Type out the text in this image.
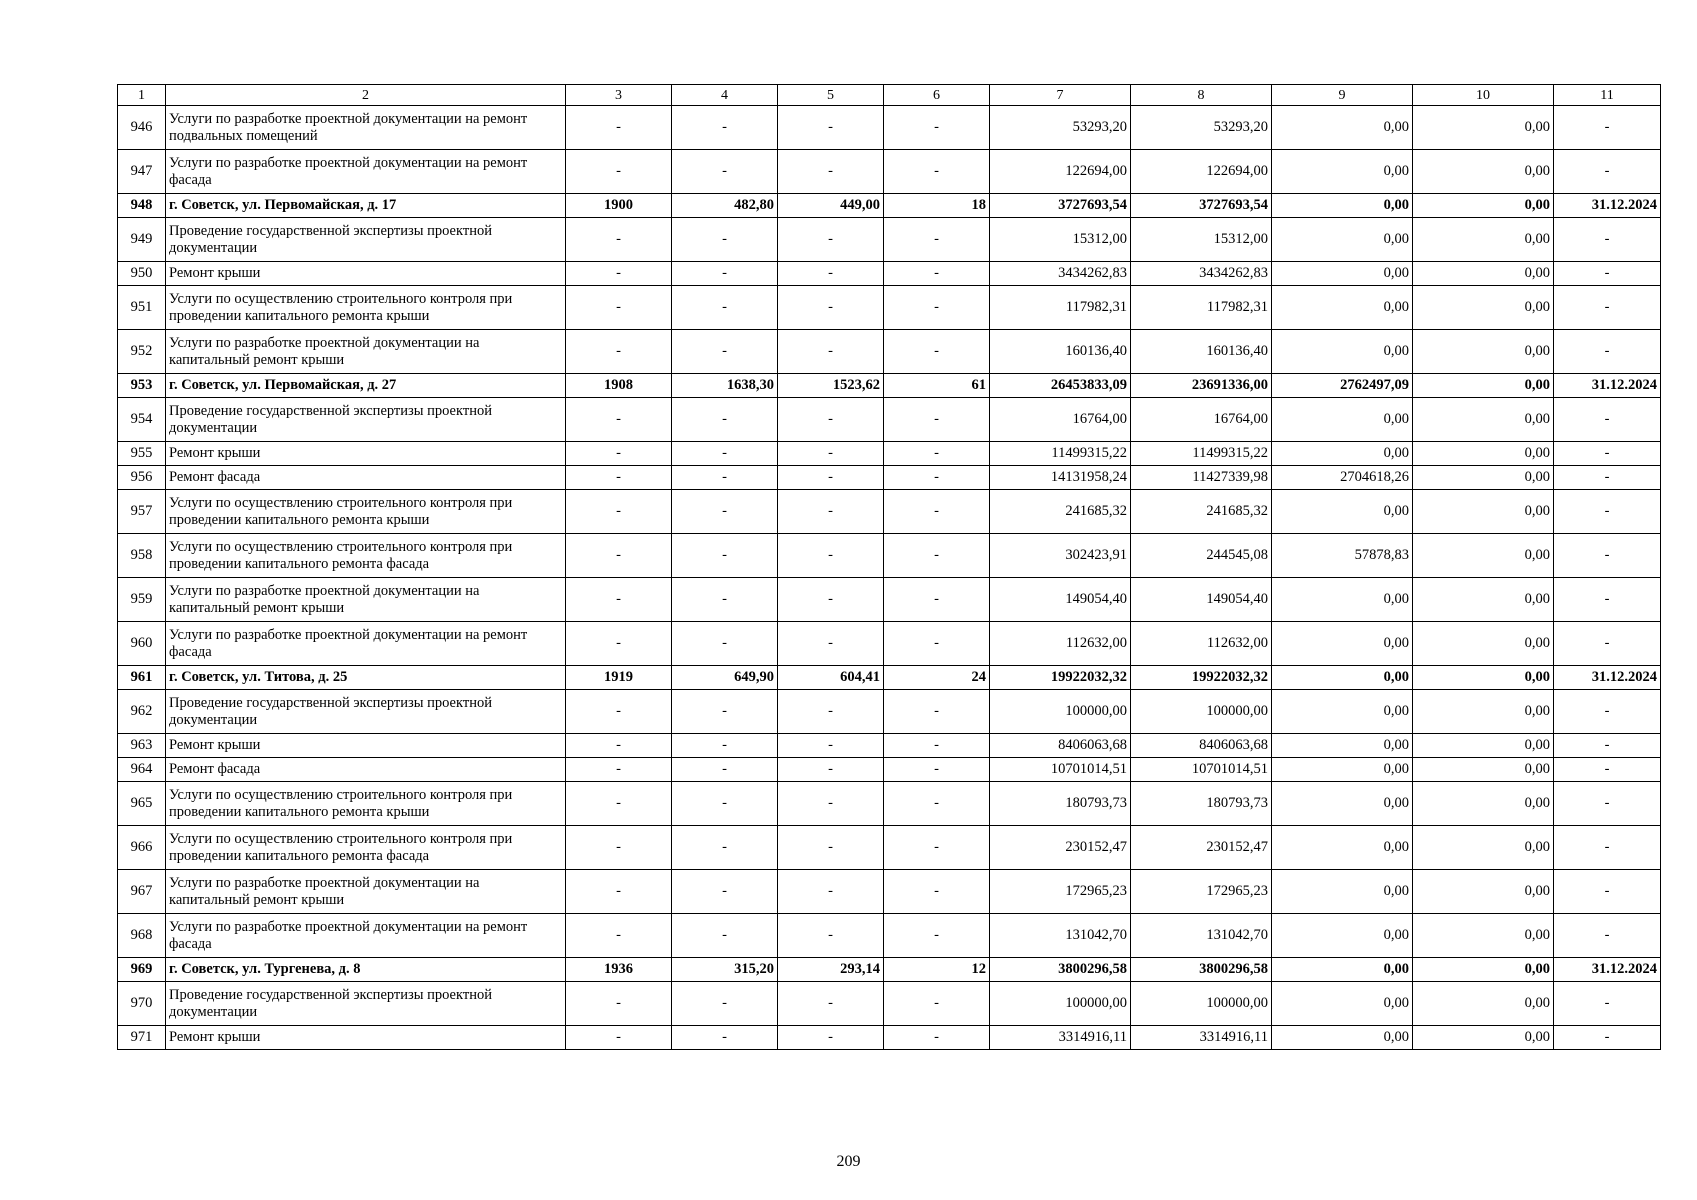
1	2	3	4	5	6	7	8	9	10	11
946	Услуги по разработке проектной документации на ремонт подвальных помещений	-	-	-	-	53293,20	53293,20	0,00	0,00	-
947	Услуги по разработке проектной документации на ремонт фасада	-	-	-	-	122694,00	122694,00	0,00	0,00	-
948	г. Советск, ул. Первомайская, д. 17	1900	482,80	449,00	18	3727693,54	3727693,54	0,00	0,00	31.12.2024
949	Проведение государственной экспертизы проектной документации	-	-	-	-	15312,00	15312,00	0,00	0,00	-
950	Ремонт крыши	-	-	-	-	3434262,83	3434262,83	0,00	0,00	-
951	Услуги по осуществлению строительного контроля при проведении капитального ремонта крыши	-	-	-	-	117982,31	117982,31	0,00	0,00	-
952	Услуги по разработке проектной документации на капитальный ремонт крыши	-	-	-	-	160136,40	160136,40	0,00	0,00	-
953	г. Советск, ул. Первомайская, д. 27	1908	1638,30	1523,62	61	26453833,09	23691336,00	2762497,09	0,00	31.12.2024
954	Проведение государственной экспертизы проектной документации	-	-	-	-	16764,00	16764,00	0,00	0,00	-
955	Ремонт крыши	-	-	-	-	11499315,22	11499315,22	0,00	0,00	-
956	Ремонт фасада	-	-	-	-	14131958,24	11427339,98	2704618,26	0,00	-
957	Услуги по осуществлению строительного контроля при проведении капитального ремонта крыши	-	-	-	-	241685,32	241685,32	0,00	0,00	-
958	Услуги по осуществлению строительного контроля при проведении капитального ремонта фасада	-	-	-	-	302423,91	244545,08	57878,83	0,00	-
959	Услуги по разработке проектной документации на капитальный ремонт крыши	-	-	-	-	149054,40	149054,40	0,00	0,00	-
960	Услуги по разработке проектной документации на ремонт фасада	-	-	-	-	112632,00	112632,00	0,00	0,00	-
961	г. Советск, ул. Титова, д. 25	1919	649,90	604,41	24	19922032,32	19922032,32	0,00	0,00	31.12.2024
962	Проведение государственной экспертизы проектной документации	-	-	-	-	100000,00	100000,00	0,00	0,00	-
963	Ремонт крыши	-	-	-	-	8406063,68	8406063,68	0,00	0,00	-
964	Ремонт фасада	-	-	-	-	10701014,51	10701014,51	0,00	0,00	-
965	Услуги по осуществлению строительного контроля при проведении капитального ремонта крыши	-	-	-	-	180793,73	180793,73	0,00	0,00	-
966	Услуги по осуществлению строительного контроля при проведении капитального ремонта фасада	-	-	-	-	230152,47	230152,47	0,00	0,00	-
967	Услуги по разработке проектной документации на капитальный ремонт крыши	-	-	-	-	172965,23	172965,23	0,00	0,00	-
968	Услуги по разработке проектной документации на ремонт фасада	-	-	-	-	131042,70	131042,70	0,00	0,00	-
969	г. Советск, ул. Тургенева, д. 8	1936	315,20	293,14	12	3800296,58	3800296,58	0,00	0,00	31.12.2024
970	Проведение государственной экспертизы проектной документации	-	-	-	-	100000,00	100000,00	0,00	0,00	-
971	Ремонт крыши	-	-	-	-	3314916,11	3314916,11	0,00	0,00	-
209
